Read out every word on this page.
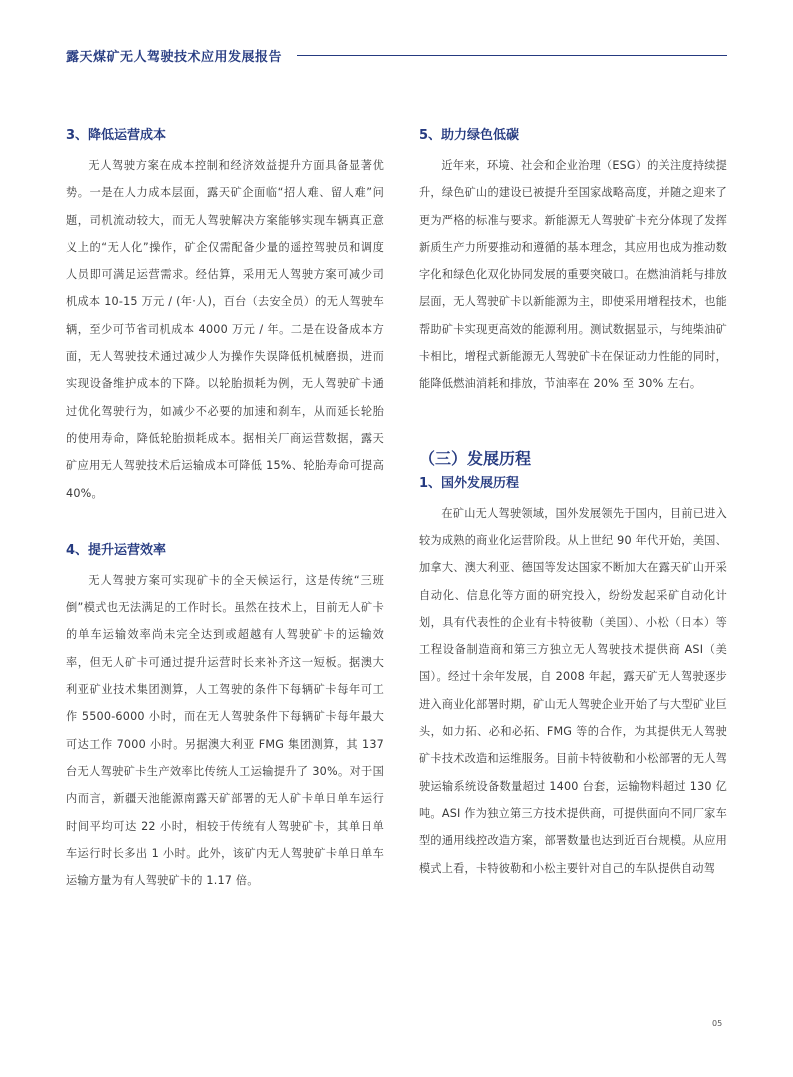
露天煤矿无人驾驶技术应用发展报告
3、降低运营成本

无人驾驶方案在成本控制和经济效益提升方面具备显著优势。一是在人力成本层面，露天矿企面临“招人难、留人难”问题，司机流动较大，而无人驾驶解决方案能够实现车辆真正意义上的“无人化”操作，矿企仅需配备少量的遥控驾驶员和调度人员即可满足运营需求。经估算，采用无人驾驶方案可减少司机成本 10-15 万元 / (年·人)，百台（去安全员）的无人驾驶车辆，至少可节省司机成本 4000 万元 / 年。二是在设备成本方面，无人驾驶技术通过减少人为操作失误降低机械磨损，进而实现设备维护成本的下降。以轮胎损耗为例，无人驾驶矿卡通过优化驾驶行为，如减少不必要的加速和刹车，从而延长轮胎的使用寿命，降低轮胎损耗成本。据相关厂商运营数据，露天矿应用无人驾驶技术后运输成本可降低 15%、轮胎寿命可提高 40%。

4、提升运营效率

无人驾驶方案可实现矿卡的全天候运行，这是传统“三班倒”模式也无法满足的工作时长。虽然在技术上，目前无人矿卡的单车运输效率尚未完全达到或超越有人驾驶矿卡的运输效率，但无人矿卡可通过提升运营时长来补齐这一短板。据澳大利亚矿业技术集团测算，人工驾驶的条件下每辆矿卡每年可工作 5500-6000 小时，而在无人驾驶条件下每辆矿卡每年最大可达工作 7000 小时。另据澳大利亚 FMG 集团测算，其 137 台无人驾驶矿卡生产效率比传统人工运输提升了 30%。对于国内而言，新疆天池能源南露天矿部署的无人矿卡单日单车运行时间平均可达 22 小时，相较于传统有人驾驶矿卡，其单日单车运行时长多出 1 小时。此外，该矿内无人驾驶矿卡单日单车运输方量为有人驾驶矿卡的 1.17 倍。

5、助力绿色低碳

近年来，环境、社会和企业治理（ESG）的关注度持续提升，绿色矿山的建设已被提升至国家战略高度，并随之迎来了更为严格的标准与要求。新能源无人驾驶矿卡充分体现了发挥新质生产力所要推动和遵循的基本理念，其应用也成为推动数字化和绿色化双化协同发展的重要突破口。在燃油消耗与排放层面，无人驾驶矿卡以新能源为主，即使采用增程技术，也能帮助矿卡实现更高效的能源利用。测试数据显示，与纯柴油矿卡相比，增程式新能源无人驾驶矿卡在保证动力性能的同时，能降低燃油消耗和排放，节油率在 20% 至 30% 左右。

（三）发展历程
1、国外发展历程

在矿山无人驾驶领域，国外发展领先于国内，目前已进入较为成熟的商业化运营阶段。从上世纪 90 年代开始，美国、加拿大、澳大利亚、德国等发达国家不断加大在露天矿山开采自动化、信息化等方面的研究投入，纷纷发起采矿自动化计划，具有代表性的企业有卡特彼勒（美国）、小松（日本）等工程设备制造商和第三方独立无人驾驶技术提供商 ASI（美国）。经过十余年发展，自 2008 年起，露天矿无人驾驶逐步进入商业化部署时期，矿山无人驾驶企业开始了与大型矿业巨头，如力拓、必和必拓、FMG 等的合作，为其提供无人驾驶矿卡技术改造和运维服务。目前卡特彼勒和小松部署的无人驾驶运输系统设备数量超过 1400 台套，运输物料超过 130 亿吨。ASI 作为独立第三方技术提供商，可提供面向不同厂家车型的通用线控改造方案，部署数量也达到近百台规模。从应用模式上看，卡特彼勒和小松主要针对自己的车队提供自动驾

05
